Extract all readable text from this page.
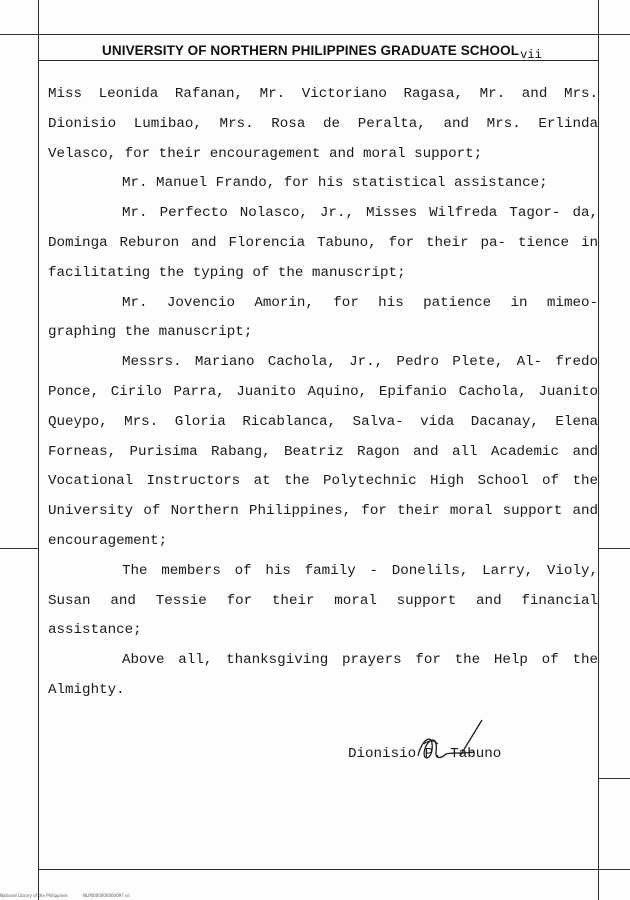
UNIVERSITY OF NORTHERN PHILIPPINES GRADUATE SCHOOL vii

Miss Leonida Rafanan, Mr. Victoriano Ragasa, Mr. and Mrs. Dionisio Lumibao, Mrs. Rosa de Peralta, and Mrs. Erlinda Velasco, for their encouragement and moral support;

Mr. Manuel Frando, for his statistical assistance;

Mr. Perfecto Nolasco, Jr., Misses Wilfreda Tagor- da, Dominga Reburon and Florencia Tabuno, for their pa- tience in facilitating the typing of the manuscript;

Mr. Jovencio Amorin, for his patience in mimeo- graphing the manuscript;

Messrs. Mariano Cachola, Jr., Pedro Plete, Al- fredo Ponce, Cirilo Parra, Juanito Aquino, Epifanio Cachola, Juanito Queypo, Mrs. Gloria Ricablanca, Salva- vida Dacanay, Elena Forneas, Purisima Rabang, Beatriz Ragon and all Academic and Vocational Instructors at the Polytechnic High School of the University of Northern Philippines, for their moral support and encouragement;

The members of his family - Donelils, Larry, Violy, Susan and Tessie for their moral support and financial assistance;

Above all, thanksgiving prayers for the Help of the Almighty.

Dionisio P. Tabuno
National Library of the Philippines	NLP0000000000097 vii
